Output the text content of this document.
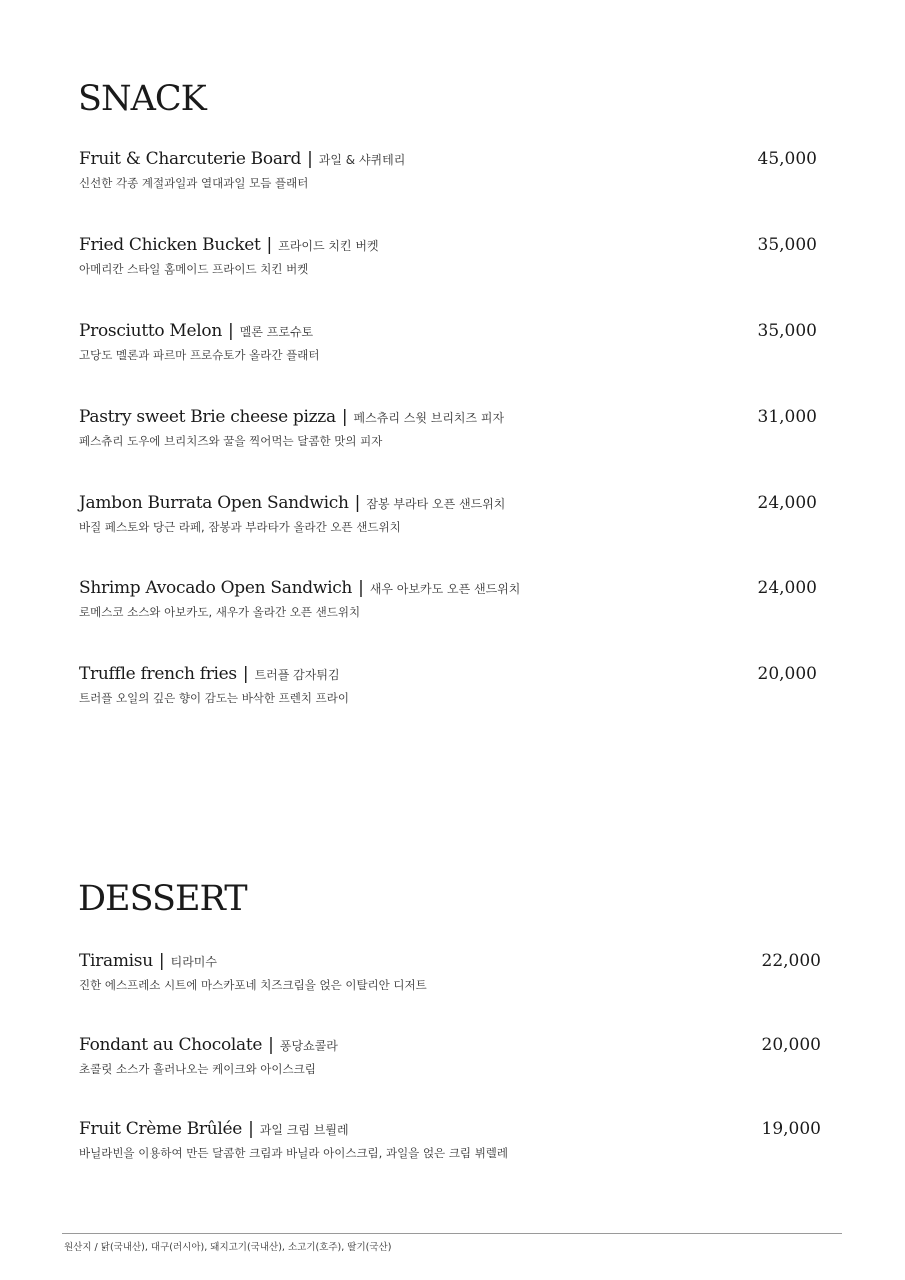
SNACK
Fruit & Charcuterie Board | 과일 & 샤퀴테리
신선한 각종 계절과일과 열대과일 모듬 플래터
45,000
Fried Chicken Bucket | 프라이드 치킨 버켓
아메리칸 스타일 홈메이드 프라이드 치킨 버켓
35,000
Prosciutto Melon | 멜론 프로슈토
고당도 멜론과 파르마 프로슈토가 올라간 플래터
35,000
Pastry sweet Brie cheese pizza | 페스츄리 스윗 브리치즈 피자
페스츄리 도우에 브리치즈와 꿀을 찍어먹는 달콤한 맛의 피자
31,000
Jambon Burrata Open Sandwich | 잠봉 부라타 오픈 샌드위치
바질 페스토와 당근 라페, 잠봉과 부라타가 올라간 오픈 샌드위치
24,000
Shrimp Avocado Open Sandwich | 새우 아보카도 오픈 샌드위치
로메스코 소스와 아보카도, 새우가 올라간 오픈 샌드위치
24,000
Truffle french fries | 트러플 감자튀김
트러플 오일의 깊은 향이 감도는 바삭한 프렌치 프라이
20,000
DESSERT
Tiramisu | 티라미수
진한 에스프레소 시트에 마스카포네 치즈크림을 얹은 이탈리안 디저트
22,000
Fondant au Chocolate | 퐁당쇼콜라
초콜릿 소스가 흘러나오는 케이크와 아이스크림
20,000
Fruit Crème Brûlée | 과일 크림 브륄레
바닐라빈을 이용하여 만든 달콤한 크림과 바닐라 아이스크림, 과일을 얹은 크림 뷔렐레
19,000
원산지 / 닭(국내산), 대구(러시아), 돼지고기(국내산), 소고기(호주), 딸기(국산)
